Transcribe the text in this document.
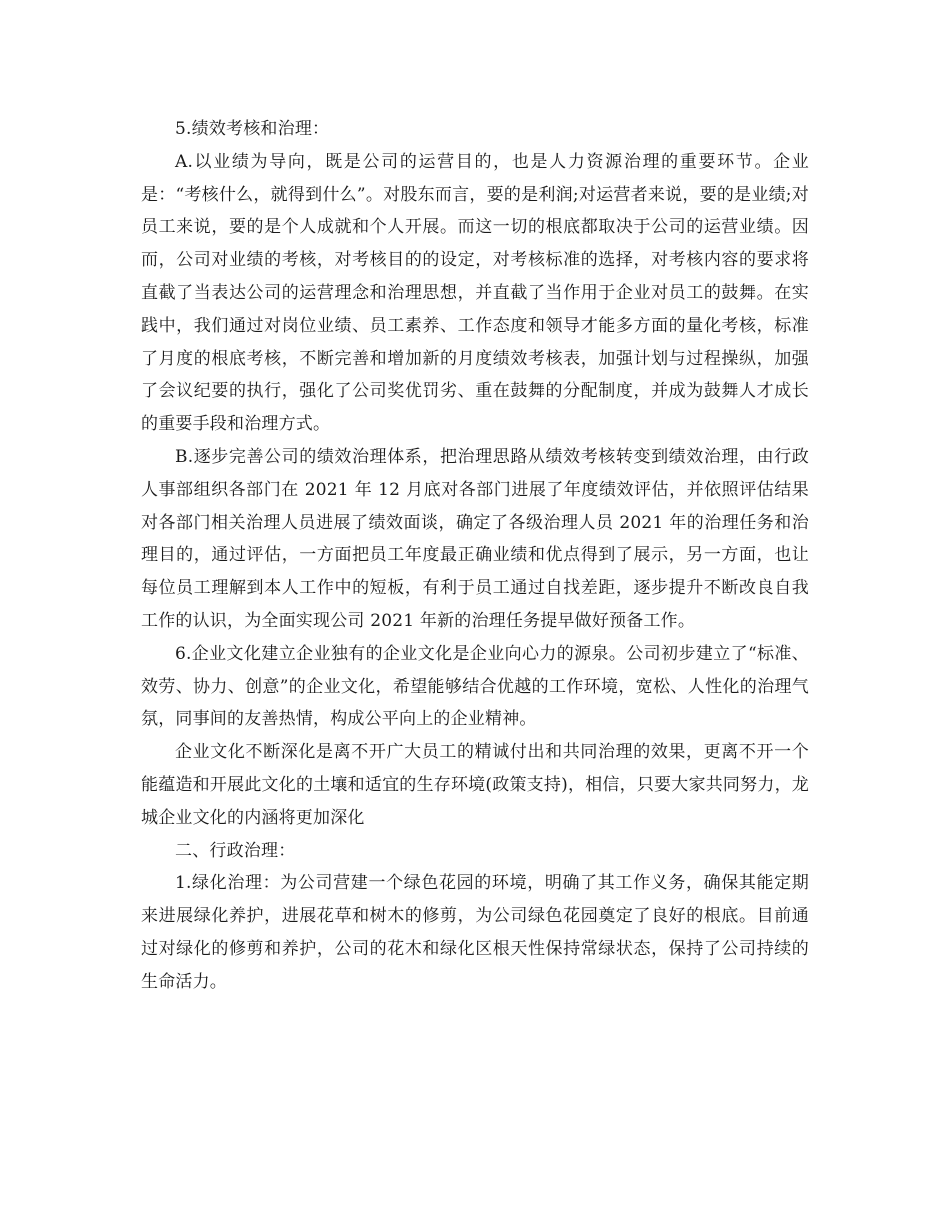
5.绩效考核和治理：

A.以业绩为导向，既是公司的运营目的，也是人力资源治理的重要环节。企业是：“考核什么，就得到什么”。对股东而言，要的是利润;对运营者来说，要的是业绩;对员工来说，要的是个人成就和个人开展。而这一切的根底都取决于公司的运营业绩。因而，公司对业绩的考核，对考核目的的设定，对考核标准的选择，对考核内容的要求将直截了当表达公司的运营理念和治理思想，并直截了当作用于企业对员工的鼓舞。在实践中，我们通过对岗位业绩、员工素养、工作态度和领导才能多方面的量化考核，标准了月度的根底考核，不断完善和增加新的月度绩效考核表，加强计划与过程操纵，加强了会议纪要的执行，强化了公司奖优罚劣、重在鼓舞的分配制度，并成为鼓舞人才成长的重要手段和治理方式。

B.逐步完善公司的绩效治理体系，把治理思路从绩效考核转变到绩效治理，由行政人事部组织各部门在 2021 年 12 月底对各部门进展了年度绩效评估，并依照评估结果对各部门相关治理人员进展了绩效面谈，确定了各级治理人员 2021 年的治理任务和治理目的，通过评估，一方面把员工年度最正确业绩和优点得到了展示，另一方面，也让每位员工理解到本人工作中的短板，有利于员工通过自找差距，逐步提升不断改良自我工作的认识，为全面实现公司 2021 年新的治理任务提早做好预备工作。

6.企业文化建立企业独有的企业文化是企业向心力的源泉。公司初步建立了“标准、效劳、协力、创意”的企业文化，希望能够结合优越的工作环境，宽松、人性化的治理气氛，同事间的友善热情，构成公平向上的企业精神。

企业文化不断深化是离不开广大员工的精诚付出和共同治理的效果，更离不开一个能蕴造和开展此文化的土壤和适宜的生存环境(政策支持)，相信，只要大家共同努力，龙城企业文化的内涵将更加深化

二、行政治理：

1.绿化治理：为公司营建一个绿色花园的环境，明确了其工作义务，确保其能定期来进展绿化养护，进展花草和树木的修剪，为公司绿色花园奠定了良好的根底。目前通过对绿化的修剪和养护，公司的花木和绿化区根天性保持常绿状态，保持了公司持续的生命活力。
